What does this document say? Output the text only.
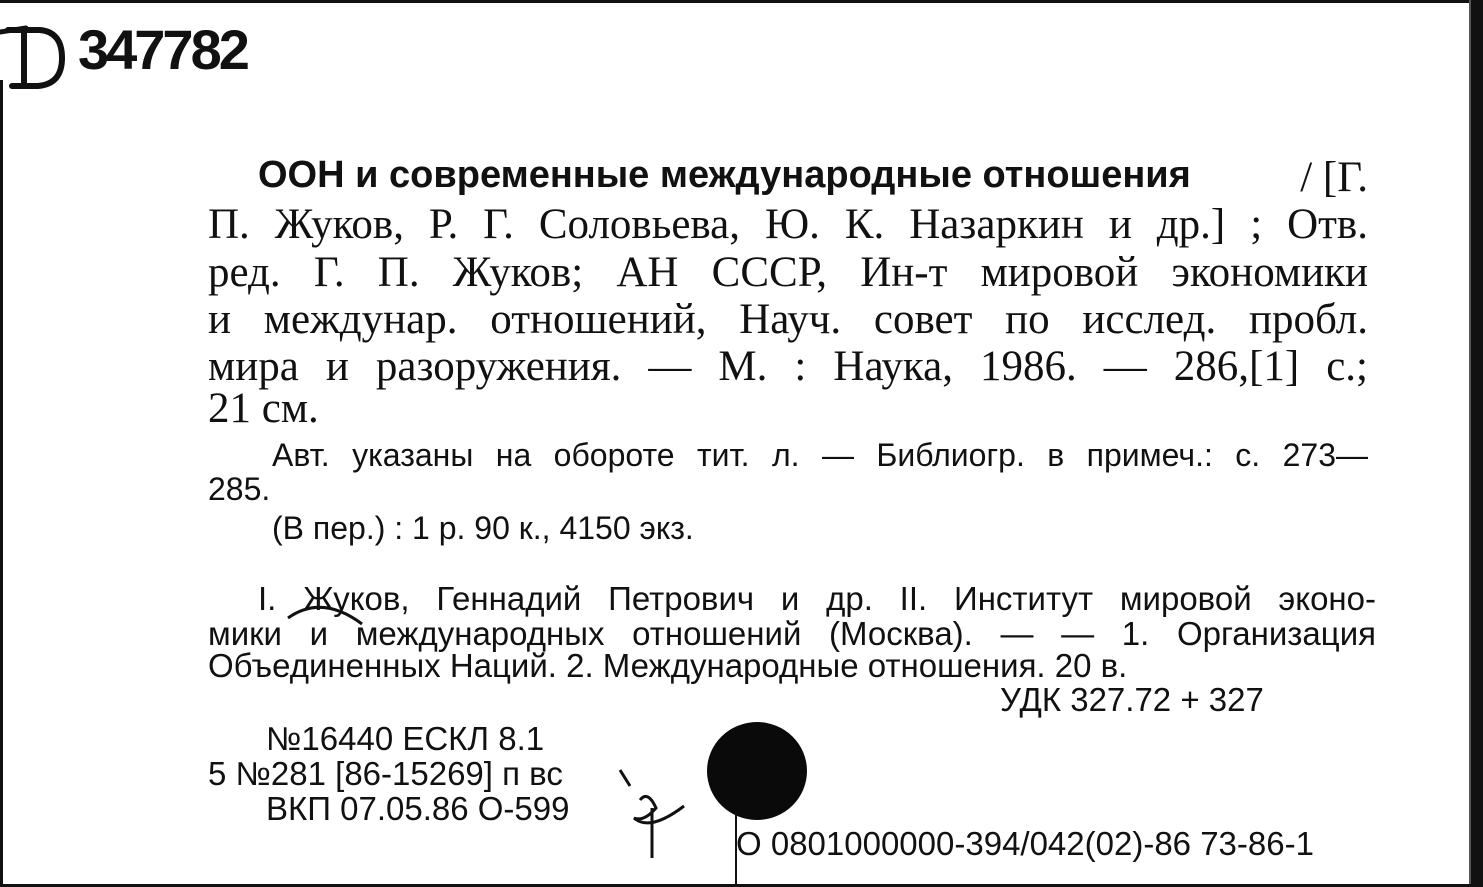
347782
ООН и современные международные отношения	/ [Г.
П. Жуков, Р. Г. Соловьева, Ю. К. Назаркин и др.] ; Отв.
ред. Г. П. Жуков; АН СССР, Ин-т мировой экономики
и междунар. отношений, Науч. совет по исслед. пробл.
мира и разоружения. — М. : Наука, 1986. — 286,[1] с.;
21 см.
Авт. указаны на обороте тит. л. — Библиогр. в примеч.: с. 273—
285.
(В пер.) : 1 р. 90 к., 4150 экз.
I. Жуков, Геннадий Петрович и др. II. Институт мировой эконо-
мики и международных отношений (Москва). — — 1. Организация
Объединенных Наций. 2. Международные отношения. 20 в.
УДК 327.72 + 327
№16440 ЕСКЛ 8.1
5 №281 [86-15269] п вс
ВКП 07.05.86 О-599
О 0801000000-394/042(02)-86 73-86-1
